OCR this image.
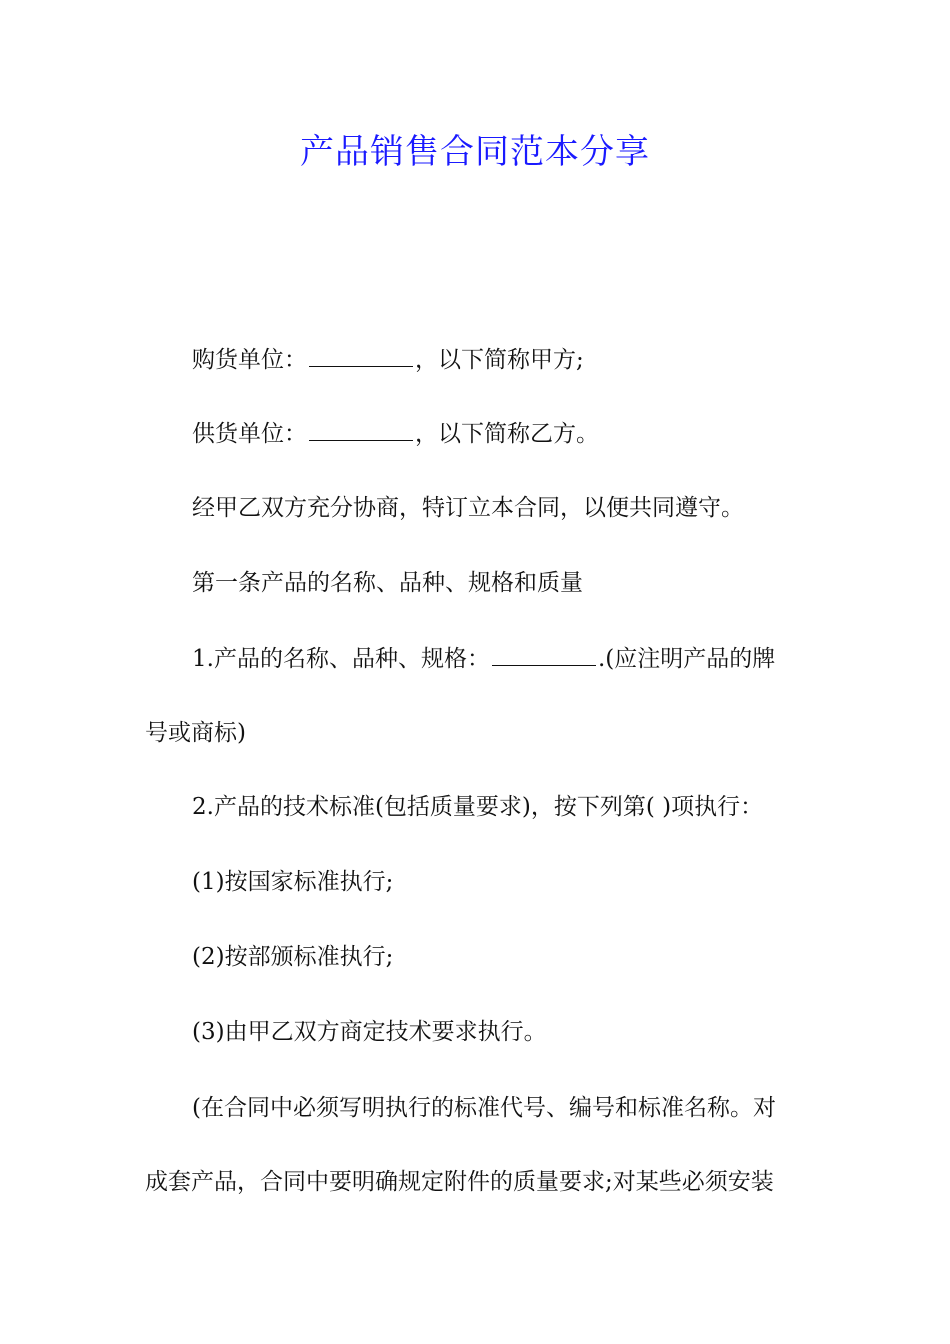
产品销售合同范本分享

购货单位：	，以下简称甲方;

供货单位：	，以下简称乙方。

经甲乙双方充分协商，特订立本合同，以便共同遵守。

第一条产品的名称、品种、规格和质量

1.产品的名称、品种、规格：	.(应注明产品的牌

号或商标)

2.产品的技术标准(包括质量要求)，按下列第( )项执行：

(1)按国家标准执行;

(2)按部颁标准执行;

(3)由甲乙双方商定技术要求执行。

(在合同中必须写明执行的标准代号、编号和标准名称。对

成套产品，合同中要明确规定附件的质量要求;对某些必须安装
